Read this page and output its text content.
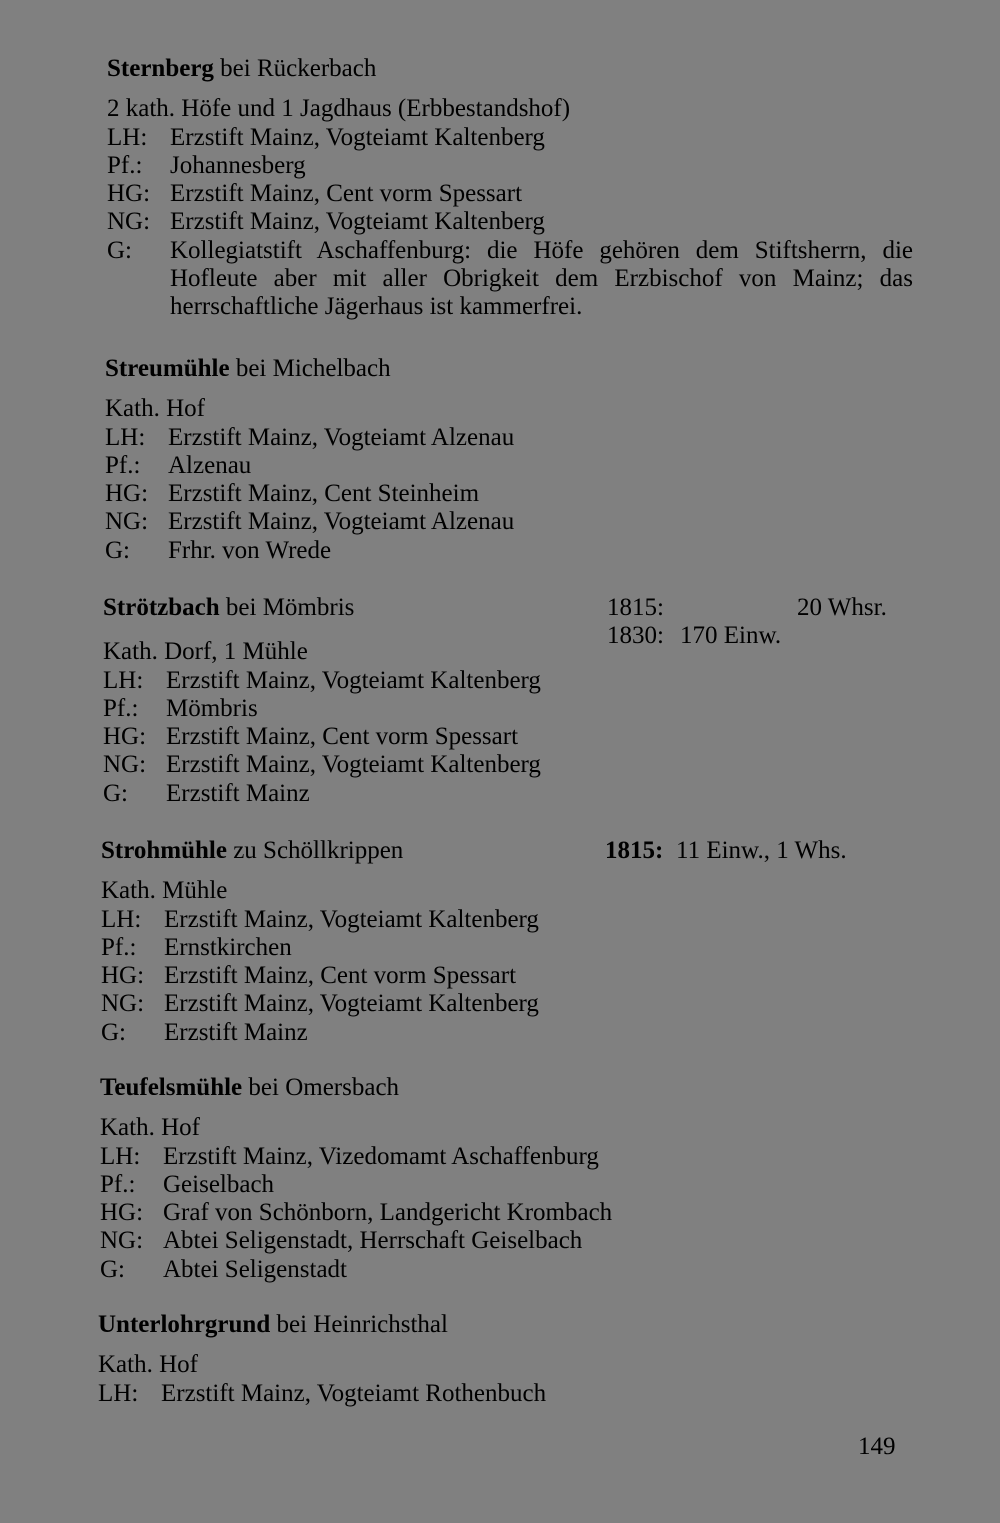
Sternberg bei Rückerbach
2 kath. Höfe und 1 Jagdhaus (Erbbestandshof)
LH: Erzstift Mainz, Vogteiamt Kaltenberg
Pf.:	Johannesberg
HG: Erzstift Mainz, Cent vorm Spessart
NG: Erzstift Mainz, Vogteiamt Kaltenberg
G:	Kollegiatstift Aschaffenburg: die Höfe gehören dem Stiftsherrn, die Hofleute aber mit aller Obrigkeit dem Erzbischof von Mainz; das herrschaftliche Jägerhaus ist kammerfrei.
Streumühle bei Michelbach
Kath. Hof
LH: Erzstift Mainz, Vogteiamt Alzenau
Pf.:	Alzenau
HG: Erzstift Mainz, Cent Steinheim
NG: Erzstift Mainz, Vogteiamt Alzenau
G:	Frhr. von Wrede
Strötzbach bei Mömbris
Kath. Dorf, 1 Mühle
LH: Erzstift Mainz, Vogteiamt Kaltenberg
Pf.:	Mömbris
HG: Erzstift Mainz, Cent vorm Spessart
NG: Erzstift Mainz, Vogteiamt Kaltenberg
G:	Erzstift Mainz
1815:	20 Whsr.
1830: 170 Einw.
Strohmühle zu Schöllkrippen
Kath. Mühle
LH: Erzstift Mainz, Vogteiamt Kaltenberg
Pf.:	Ernstkirchen
HG: Erzstift Mainz, Cent vorm Spessart
NG: Erzstift Mainz, Vogteiamt Kaltenberg
G:	Erzstift Mainz
1815: 11 Einw., 1 Whs.
Teufelsmühle bei Omersbach
Kath. Hof
LH: Erzstift Mainz, Vizedomamt Aschaffenburg
Pf.:	Geiselbach
HG: Graf von Schönborn, Landgericht Krombach
NG: Abtei Seligenstadt, Herrschaft Geiselbach
G:	Abtei Seligenstadt
Unterlohrgrund bei Heinrichsthal
Kath. Hof
LH: Erzstift Mainz, Vogteiamt Rothenbuch
149
